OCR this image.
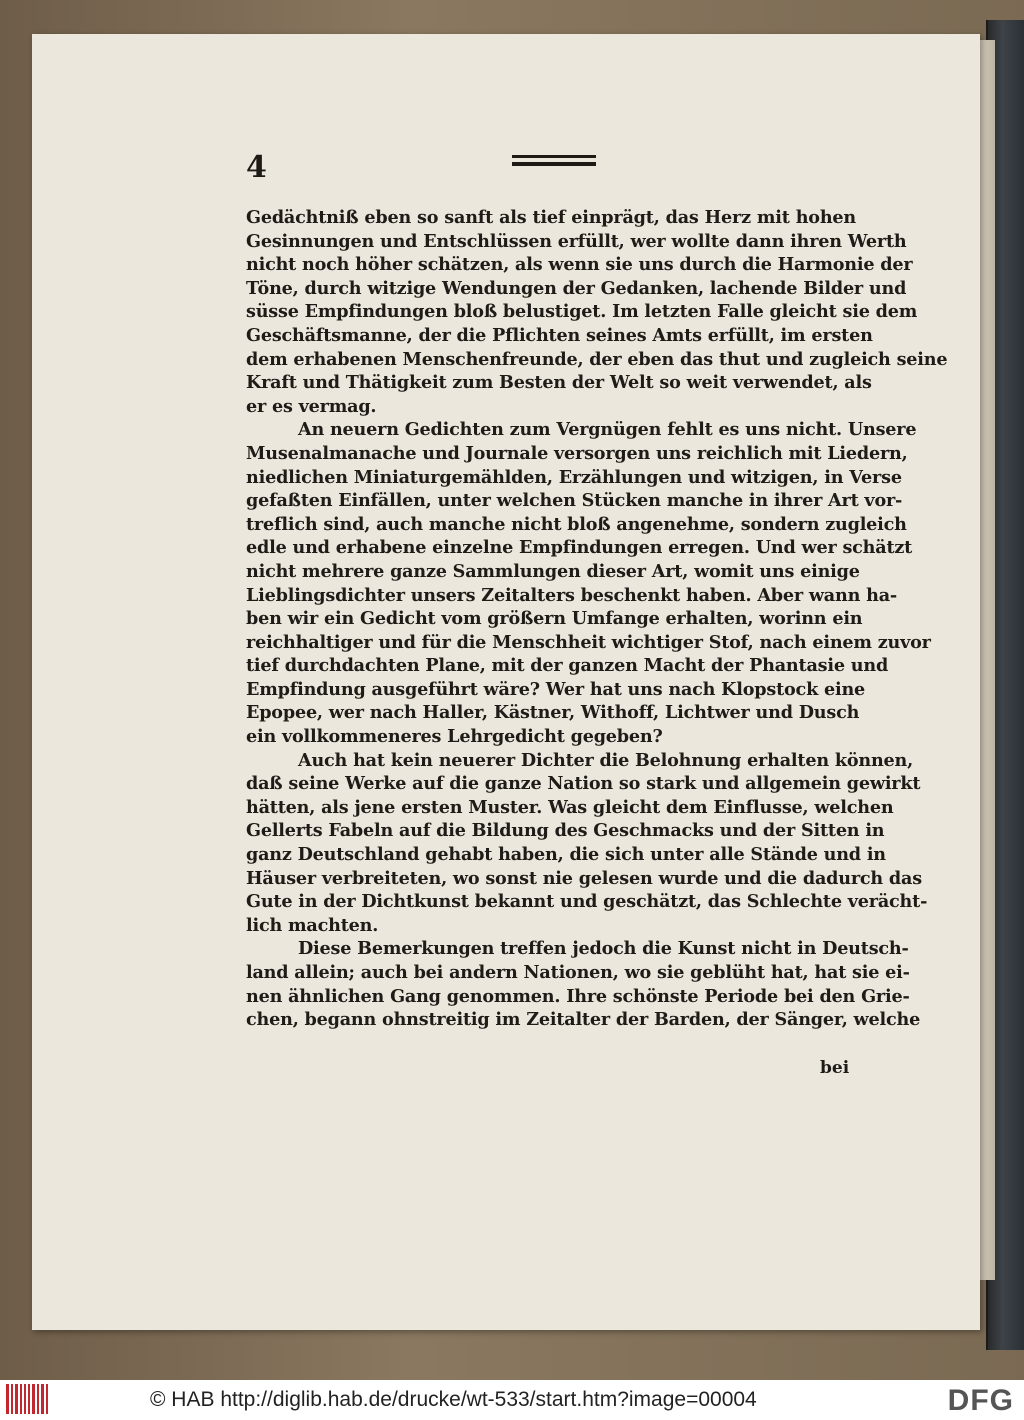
4
Gedächtniß eben so sanft als tief einprägt, das Herz mit hohen
Gesinnungen und Entschlüssen erfüllt, wer wollte dann ihren Werth
nicht noch höher schätzen, als wenn sie uns durch die Harmonie der
Töne, durch witzige Wendungen der Gedanken, lachende Bilder und
süsse Empfindungen bloß belustiget. Im letzten Falle gleicht sie dem
Geschäftsmanne, der die Pflichten seines Amts erfüllt, im ersten
dem erhabenen Menschenfreunde, der eben das thut und zugleich seine
Kraft und Thätigkeit zum Besten der Welt so weit verwendet, als
er es vermag.
An neuern Gedichten zum Vergnügen fehlt es uns nicht. Unsere
Musenalmanache und Journale versorgen uns reichlich mit Liedern,
niedlichen Miniaturgemählden, Erzählungen und witzigen, in Verse
gefaßten Einfällen, unter welchen Stücken manche in ihrer Art vor-
treflich sind, auch manche nicht bloß angenehme, sondern zugleich
edle und erhabene einzelne Empfindungen erregen. Und wer schätzt
nicht mehrere ganze Sammlungen dieser Art, womit uns einige
Lieblingsdichter unsers Zeitalters beschenkt haben. Aber wann ha-
ben wir ein Gedicht vom größern Umfange erhalten, worinn ein
reichhaltiger und für die Menschheit wichtiger Stof, nach einem zuvor
tief durchdachten Plane, mit der ganzen Macht der Phantasie und
Empfindung ausgeführt wäre? Wer hat uns nach Klopstock eine
Epopee, wer nach Haller, Kästner, Withoff, Lichtwer und Dusch
ein vollkommeneres Lehrgedicht gegeben?
Auch hat kein neuerer Dichter die Belohnung erhalten können,
daß seine Werke auf die ganze Nation so stark und allgemein gewirkt
hätten, als jene ersten Muster. Was gleicht dem Einflusse, welchen
Gellerts Fabeln auf die Bildung des Geschmacks und der Sitten in
ganz Deutschland gehabt haben, die sich unter alle Stände und in
Häuser verbreiteten, wo sonst nie gelesen wurde und die dadurch das
Gute in der Dichtkunst bekannt und geschätzt, das Schlechte verächt-
lich machten.
Diese Bemerkungen treffen jedoch die Kunst nicht in Deutsch-
land allein; auch bei andern Nationen, wo sie geblüht hat, hat sie ei-
nen ähnlichen Gang genommen. Ihre schönste Periode bei den Grie-
chen, begann ohnstreitig im Zeitalter der Barden, der Sänger, welche
bei
© HAB http://diglib.hab.de/drucke/wt-533/start.htm?image=00004	DFG
